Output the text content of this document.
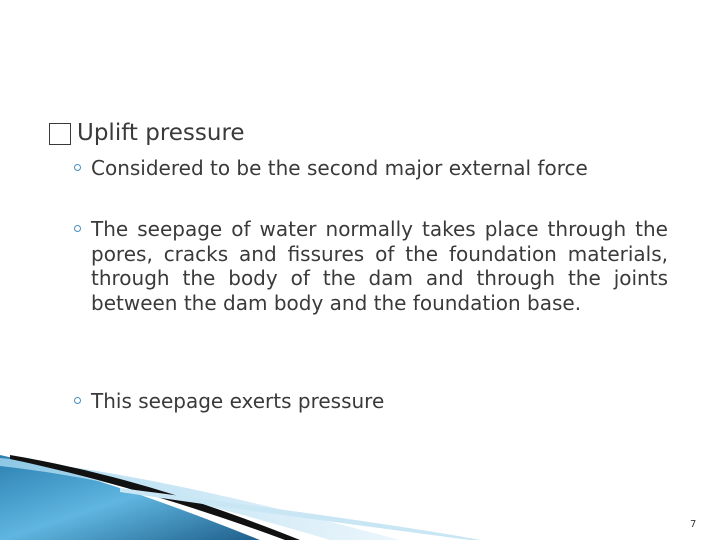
Uplift pressure
Considered to be the second major external force
The seepage of water normally takes place through the pores, cracks and fissures of the foundation materials, through the body of the dam and through the joints between the dam body and the foundation base.
This seepage exerts pressure
7
